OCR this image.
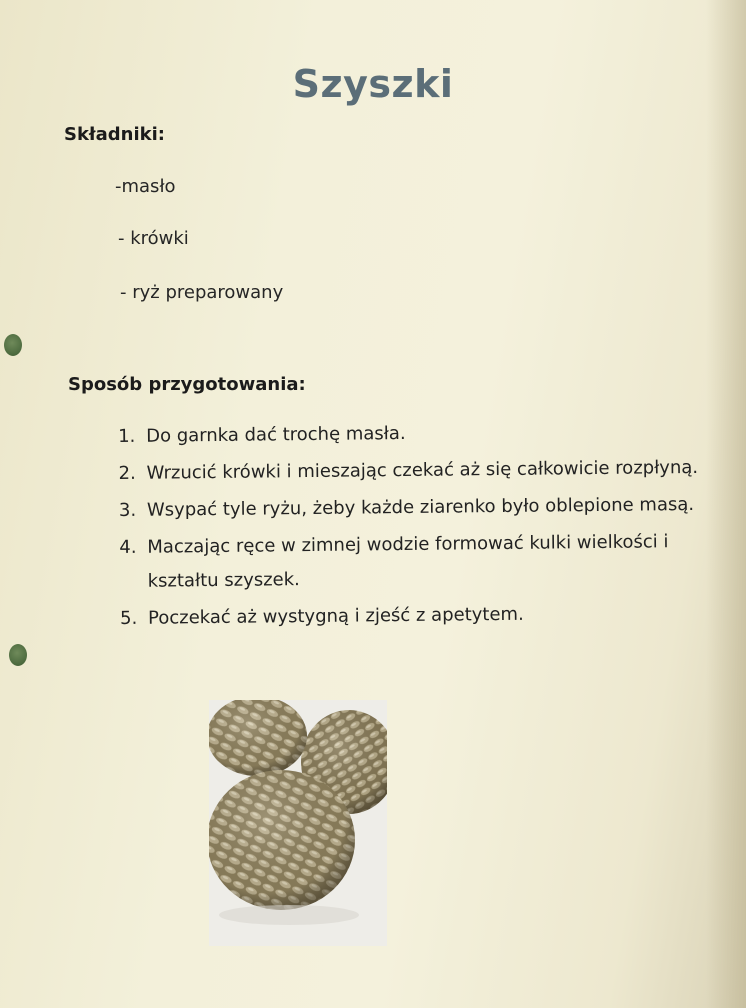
Szyszki
Składniki:
-masło
- krówki
- ryż preparowany
Sposób przygotowania:
1. Do garnka dać trochę masła.
2. Wrzucić krówki i mieszając czekać aż się całkowicie rozpłyną.
3. Wsypać tyle ryżu, żeby każde ziarenko było oblepione masą.
4. Maczając ręce w zimnej wodzie formować kulki wielkości i kształtu szyszek.
5. Poczekać aż wystygną i zjeść z apetytem.
